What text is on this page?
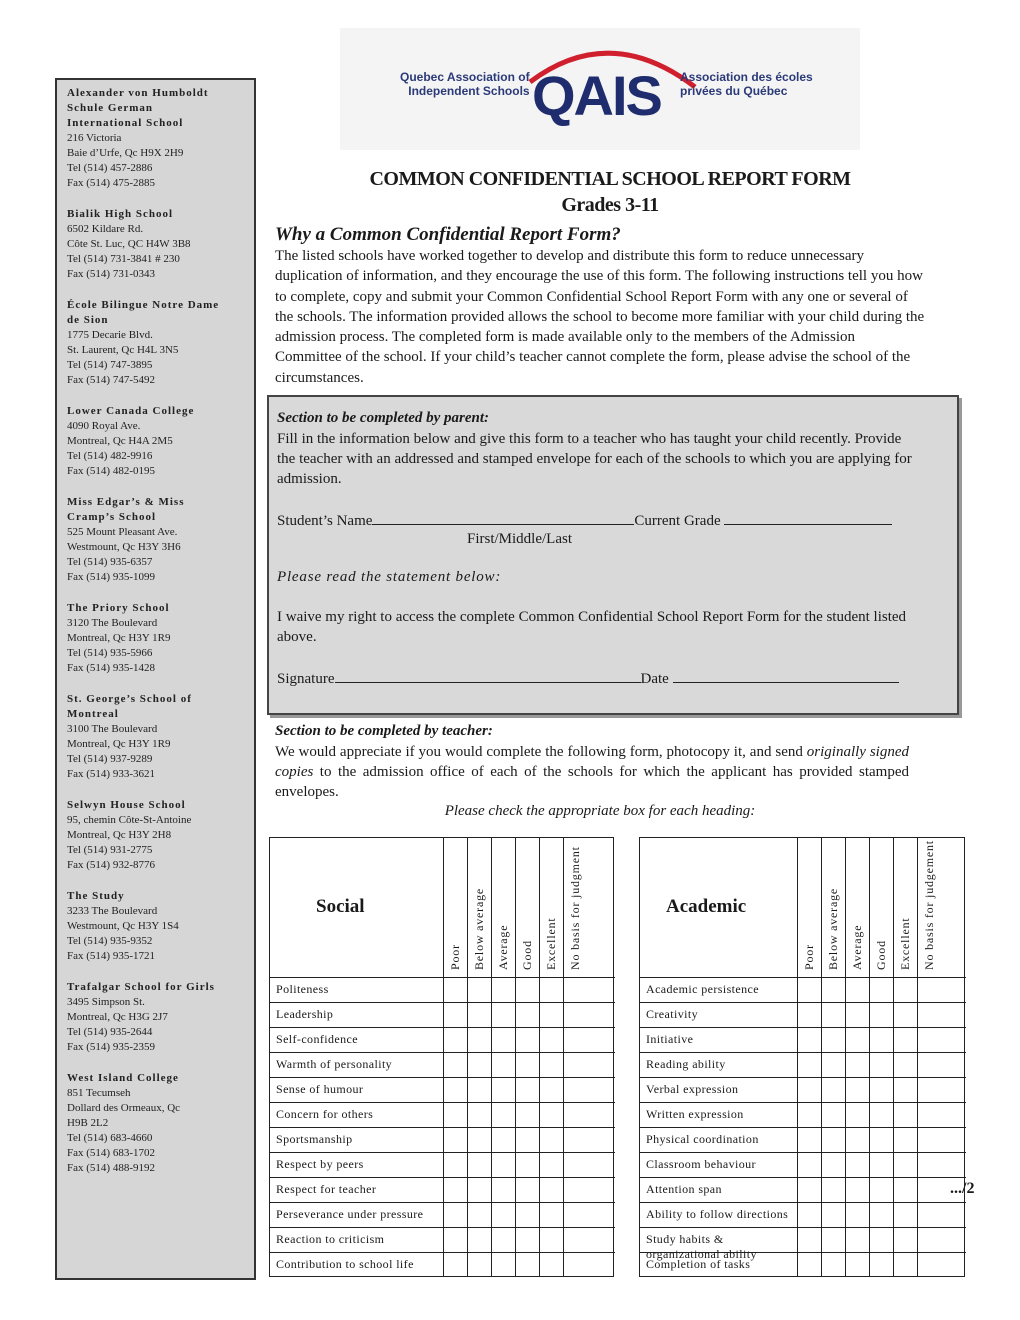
Alexander von Humboldt
Schule German
International School
216 Victoria
Baie d’Urfe, Qc H9X 2H9
Tel (514) 457-2886
Fax (514) 475-2885
Bialik High School
6502 Kildare Rd.
Côte St. Luc, QC H4W 3B8
Tel (514) 731-3841 # 230
Fax (514) 731-0343
École Bilingue Notre Dame
de Sion
1775 Decarie Blvd.
St. Laurent, Qc H4L 3N5
Tel (514) 747-3895
Fax (514) 747-5492
Lower Canada College
4090 Royal Ave.
Montreal, Qc H4A 2M5
Tel (514) 482-9916
Fax (514) 482-0195
Miss Edgar’s & Miss
Cramp’s School
525 Mount Pleasant Ave.
Westmount, Qc H3Y 3H6
Tel (514) 935-6357
Fax (514) 935-1099
The Priory School
3120 The Boulevard
Montreal, Qc H3Y 1R9
Tel (514) 935-5966
Fax (514) 935-1428
St. George’s School of
Montreal
3100 The Boulevard
Montreal, Qc H3Y 1R9
Tel (514) 937-9289
Fax (514) 933-3621
Selwyn House School
95, chemin Côte-St-Antoine
Montreal, Qc H3Y 2H8
Tel (514) 931-2775
Fax (514) 932-8776
The Study
3233 The Boulevard
Westmount, Qc H3Y 1S4
Tel (514) 935-9352
Fax (514) 935-1721
Trafalgar School for Girls
3495 Simpson St.
Montreal, Qc H3G 2J7
Tel (514) 935-2644
Fax (514) 935-2359
West Island College
851 Tecumseh
Dollard des Ormeaux, Qc
H9B 2L2
Tel (514) 683-4660
Fax (514) 683-1702
Fax (514) 488-9192
Quebec Association of
Independent Schools QAIS Association des écoles
privées du Québec
COMMON CONFIDENTIAL SCHOOL REPORT FORM
Grades 3-11
Why a Common Confidential Report Form?
The listed schools have worked together to develop and distribute this form to reduce unnecessary duplication of information, and they encourage the use of this form. The following instructions tell you how to complete, copy and submit your Common Confidential School Report Form with any one or several of the schools. The information provided allows the school to become more familiar with your child during the admission process. The completed form is made available only to the members of the Admission Committee of the school. If your child’s teacher cannot complete the form, please advise the school of the circumstances.
Section to be completed by parent:
Fill in the information below and give this form to a teacher who has taught your child recently. Provide the teacher with an addressed and stamped envelope for each of the schools to which you are applying for admission.
Student’s Name	Current Grade
First/Middle/Last
Please read the statement below:
I waive my right to access the complete Common Confidential School Report Form for the student listed above.
Signature	Date
Section to be completed by teacher:
We would appreciate if you would complete the following form, photocopy it, and send originally signed copies to the admission office of each of the schools for which the applicant has provided stamped envelopes.
Please check the appropriate box for each heading:
Social
Poor Below average Average Good Excellent No basis for judgment
Politeness
Leadership
Self-confidence
Warmth of personality
Sense of humour
Concern for others
Sportsmanship
Respect by peers
Respect for teacher
Perseverance under pressure
Reaction to criticism
Contribution to school life
Academic
Poor Below average Average Good Excellent No basis for judgement
Academic persistence
Creativity
Initiative
Reading ability
Verbal expression
Written expression
Physical coordination
Classroom behaviour
Attention span
Ability to follow directions
Study habits &
organizational ability
Completion of tasks
.../2
